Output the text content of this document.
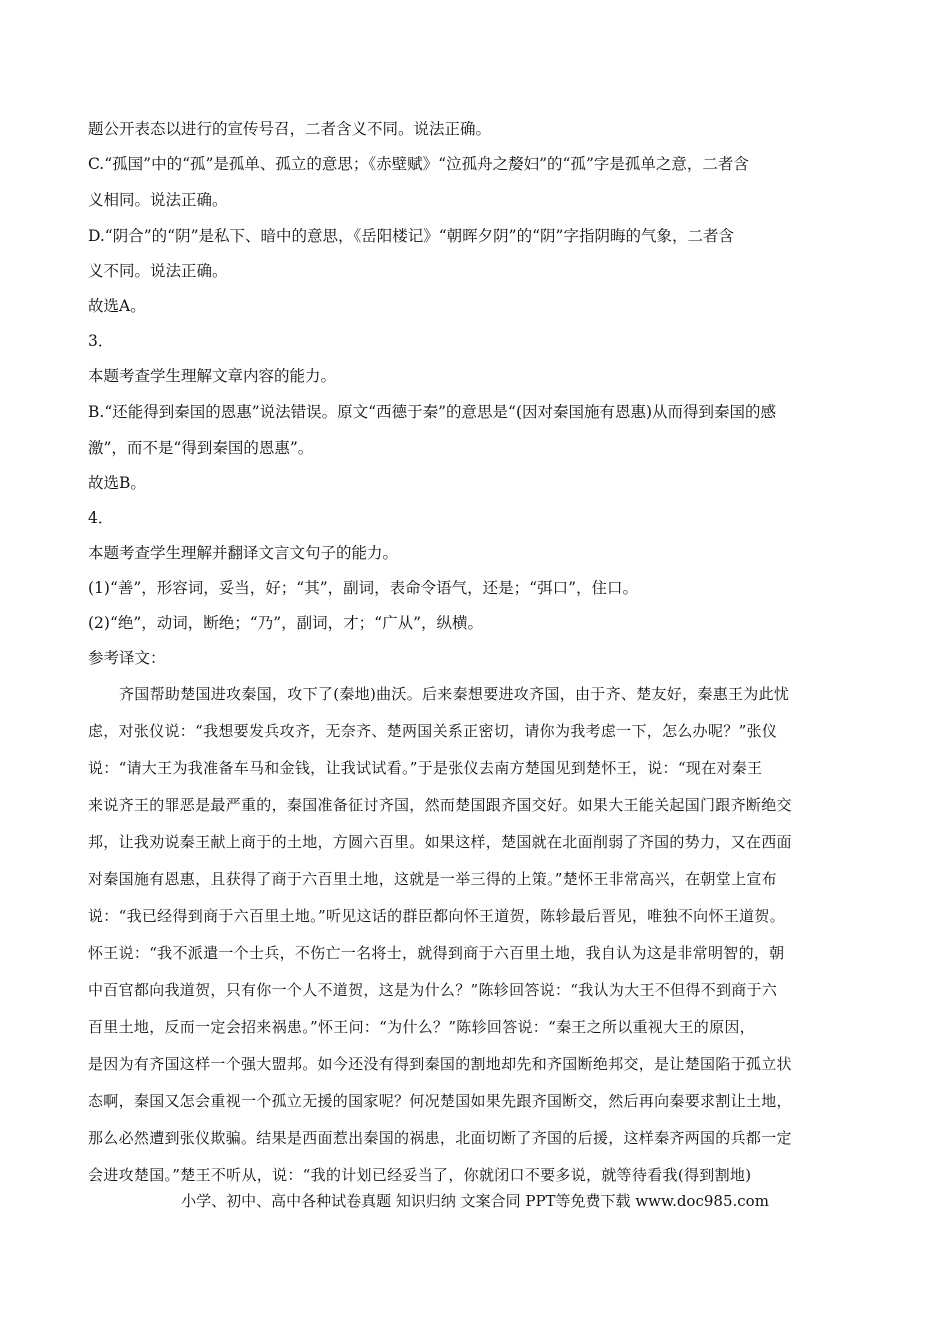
题公开表态以进行的宣传号召，二者含义不同。说法正确。

C.“孤国”中的“孤”是孤单、孤立的意思；《赤壁赋》“泣孤舟之嫠妇”的“孤”字是孤单之意，二者含

义相同。说法正确。

D.“阴合”的“阴”是私下、暗中的意思，《岳阳楼记》“朝晖夕阴”的“阴”字指阴晦的气象，二者含

义不同。说法正确。

故选A。

3．

本题考查学生理解文章内容的能力。

B.“还能得到秦国的恩惠”说法错误。原文“西德于秦”的意思是“(因对秦国施有恩惠)从而得到秦国的感

激”，而不是“得到秦国的恩惠”。

故选B。

4．

本题考查学生理解并翻译文言文句子的能力。

(1)“善”，形容词，妥当，好；“其”，副词，表命令语气，还是；“弭口”，住口。

(2)“绝”，动词，断绝；“乃”，副词，才；“广从”，纵横。

参考译文：

齐国帮助楚国进攻秦国，攻下了(秦地)曲沃。后来秦想要进攻齐国，由于齐、楚友好，秦惠王为此忧

虑，对张仪说：“我想要发兵攻齐，无奈齐、楚两国关系正密切，请你为我考虑一下，怎么办呢？”张仪

说：“请大王为我准备车马和金钱，让我试试看。”于是张仪去南方楚国见到楚怀王，说：“现在对秦王

来说齐王的罪恶是最严重的，秦国准备征讨齐国，然而楚国跟齐国交好。如果大王能关起国门跟齐断绝交

邦，让我劝说秦王献上商于的土地，方圆六百里。如果这样，楚国就在北面削弱了齐国的势力，又在西面

对秦国施有恩惠，且获得了商于六百里土地，这就是一举三得的上策。”楚怀王非常高兴，在朝堂上宣布

说：“我已经得到商于六百里土地。”听见这话的群臣都向怀王道贺，陈轸最后晋见，唯独不向怀王道贺。

怀王说：“我不派遣一个士兵，不伤亡一名将士，就得到商于六百里土地，我自认为这是非常明智的，朝

中百官都向我道贺，只有你一个人不道贺，这是为什么？”陈轸回答说：“我认为大王不但得不到商于六

百里土地，反而一定会招来祸患。”怀王问：“为什么？”陈轸回答说：“秦王之所以重视大王的原因，

是因为有齐国这样一个强大盟邦。如今还没有得到秦国的割地却先和齐国断绝邦交，是让楚国陷于孤立状

态啊，秦国又怎会重视一个孤立无援的国家呢？何况楚国如果先跟齐国断交，然后再向秦要求割让土地，

那么必然遭到张仪欺骗。结果是西面惹出秦国的祸患，北面切断了齐国的后援，这样秦齐两国的兵都一定

会进攻楚国。”楚王不听从，说：“我的计划已经妥当了，你就闭口不要多说，就等待看我(得到割地)

小学、初中、高中各种试卷真题 知识归纳 文案合同 PPT等免费下载 www.doc985.com
